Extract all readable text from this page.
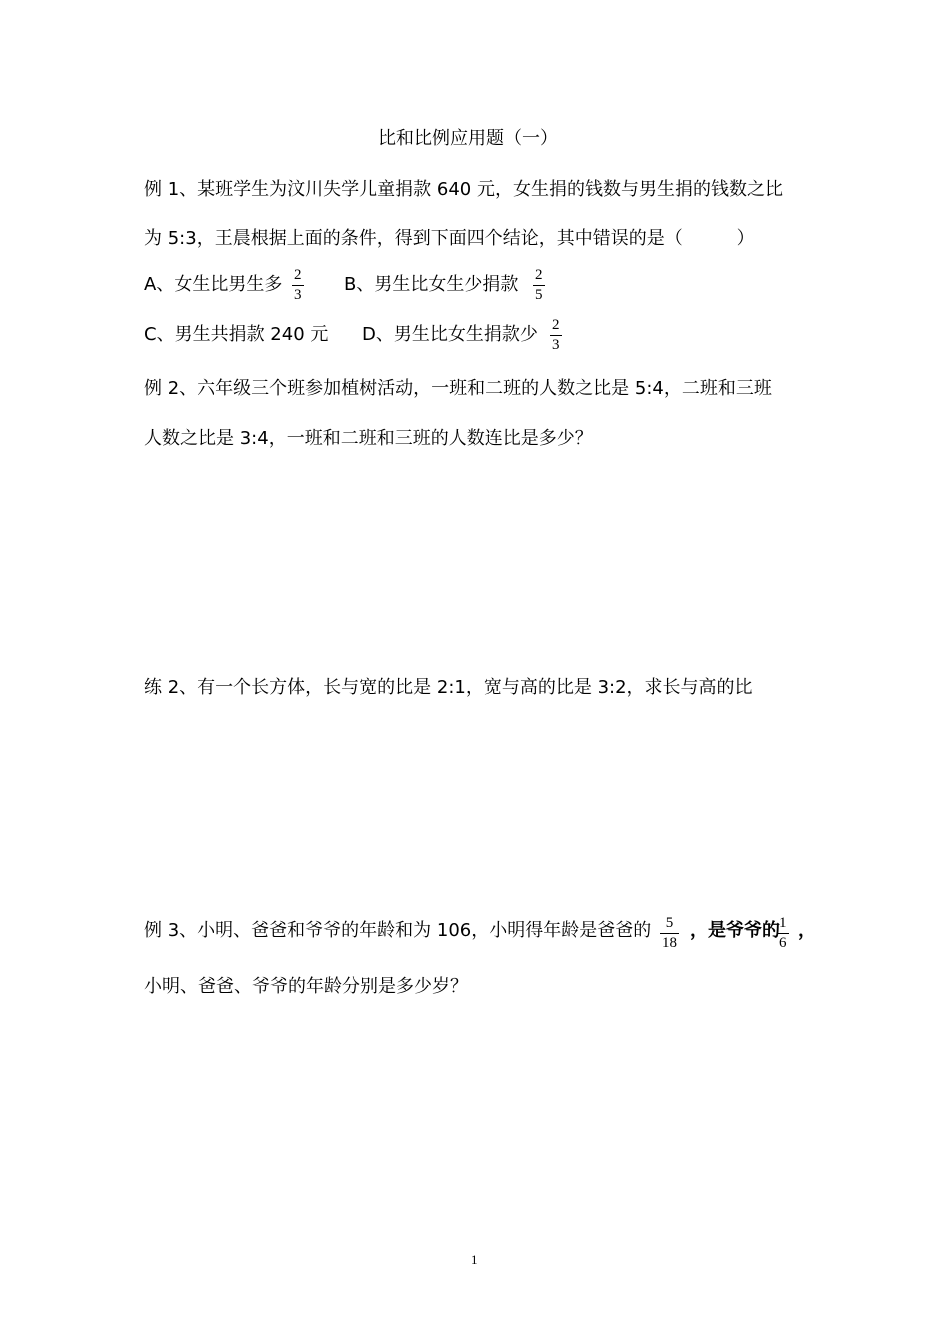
比和比例应用题（一）
例 1、某班学生为汶川失学儿童捐款 640 元，女生捐的钱数与男生捐的钱数之比
为 5:3，王晨根据上面的条件，得到下面四个结论，其中错误的是（　　　）
A、女生比男生多 2
3 B、男生比女生少捐款 2
5
C、男生共捐款 240 元 D、男生比女生捐款少 2
3
例 2、六年级三个班参加植树活动，一班和二班的人数之比是 5:4，二班和三班
人数之比是 3:4，一班和二班和三班的人数连比是多少？
练 2、有一个长方体，长与宽的比是 2:1，宽与高的比是 3:2，求长与高的比
例 3、小明、爸爸和爷爷的年龄和为 106，小明得年龄是爸爸的 5
18
，是爷爷的 1
6
，
小明、爸爸、爷爷的年龄分别是多少岁？
1
